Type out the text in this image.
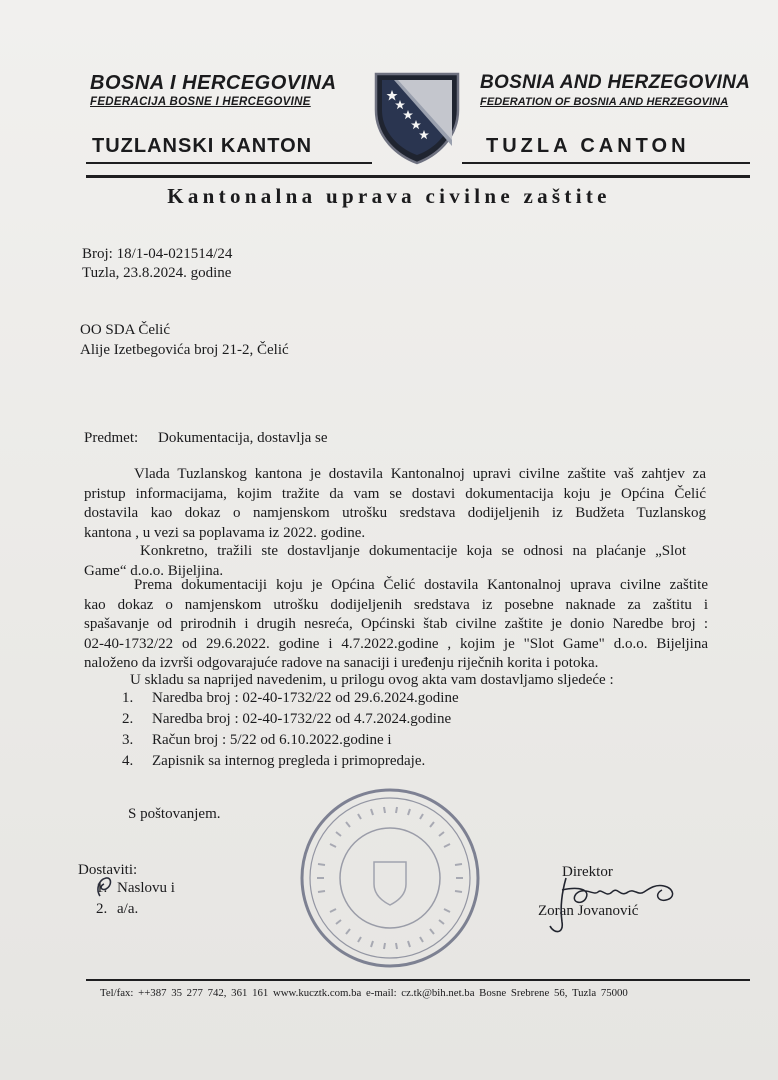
BOSNA I HERCEGOVINA
FEDERACIJA BOSNE I HERCEGOVINE
TUZLANSKI KANTON
BOSNIA AND HERZEGOVINA
FEDERATION OF BOSNIA AND HERZEGOVINA
TUZLA CANTON
Kantonalna uprava civilne zaštite
Broj: 18/1-04-021514/24
Tuzla, 23.8.2024. godine
OO SDA Čelić
Alije Izetbegovića broj 21-2, Čelić
Predmet: Dokumentacija, dostavlja se
Vlada Tuzlanskog kantona je dostavila Kantonalnoj upravi civilne zaštite vaš zahtjev za
pristup informacijama, kojim tražite da vam se dostavi dokumentacija koju je Općina Čelić
dostavila kao dokaz o namjenskom utrošku sredstava dodijeljenih iz Budžeta Tuzlanskog
kantona , u vezi sa poplavama iz 2022. godine.
Konkretno, tražili ste dostavljanje dokumentacije koja se odnosi na plaćanje „Slot
Game“ d.o.o. Bijeljina.
Prema dokumentaciji koju je Općina Čelić dostavila Kantonalnoj uprava civilne zaštite
kao dokaz o namjenskom utrošku dodijeljenih sredstava iz posebne naknade za zaštitu i
spašavanje od prirodnih i drugih nesreća, Općinski štab civilne zaštite je donio Naredbe broj :
02-40-1732/22 od 29.6.2022. godine i 4.7.2022.godine , kojim je "Slot Game" d.o.o. Bijeljina
naloženo da izvrši odgovarajuće radove na sanaciji i uređenju riječnih korita i potoka.
U skladu sa naprijed navedenim, u prilogu ovog akta vam dostavljamo sljedeće :
1.	Naredba broj : 02-40-1732/22 od 29.6.2024.godine
2.	Naredba broj : 02-40-1732/22 od 4.7.2024.godine
3.	Račun broj : 5/22 od 6.10.2022.godine i
4.	Zapisnik sa internog pregleda i primopredaje.
S poštovanjem.
Dostaviti:
1. Naslovu i
2. a/a.
Direktor
Zoran Jovanović
Tel/fax: ++387 35 277 742, 361 161 www.kucztk.com.ba e-mail: cz.tk@bih.net.ba Bosne Srebrene 56, Tuzla 75000
